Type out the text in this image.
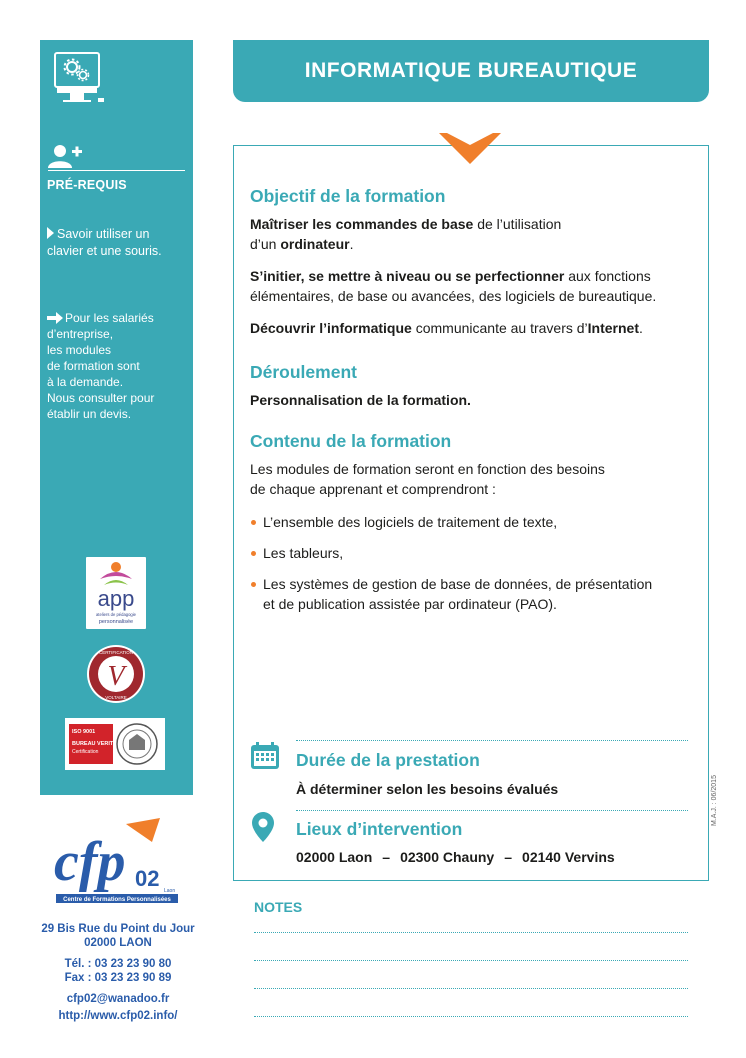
PRÉ-REQUIS
Savoir utiliser un
clavier et une souris.
Pour les salariés
d’entreprise,
les modules
de formation sont
à la demande.
Nous consulter pour
établir un devis.
app
ateliers de pédagogie
personnalisée
V
CERTIFICATION
VOLTAIRE
ISO 9001
BUREAU VERITAS
Certification
cfp 02 Laon
Centre de Formations Personnalisées
29 Bis Rue du Point du Jour
02000 LAON
Tél. : 03 23 23 90 80
Fax : 03 23 23 90 89
cfp02@wanadoo.fr
http://www.cfp02.info/
INFORMATIQUE BUREAUTIQUE
Objectif de la formation
Maîtriser les commandes de base de l’utilisation
d’un ordinateur.
S’initier, se mettre à niveau ou se perfectionner aux fonctions
élémentaires, de base ou avancées, des logiciels de bureautique.
Découvrir l’informatique communicante au travers d’Internet.
Déroulement
Personnalisation de la formation.
Contenu de la formation
Les modules de formation seront en fonction des besoins
de chaque apprenant et comprendront :
L’ensemble des logiciels de traitement de texte,
Les tableurs,
Les systèmes de gestion de base de données, de présentation
et de publication assistée par ordinateur (PAO).
Durée de la prestation
À déterminer selon les besoins évalués
Lieux d’intervention
02000 Laon – 02300 Chauny – 02140 Vervins
M.A.J. : 06/2015
NOTES
